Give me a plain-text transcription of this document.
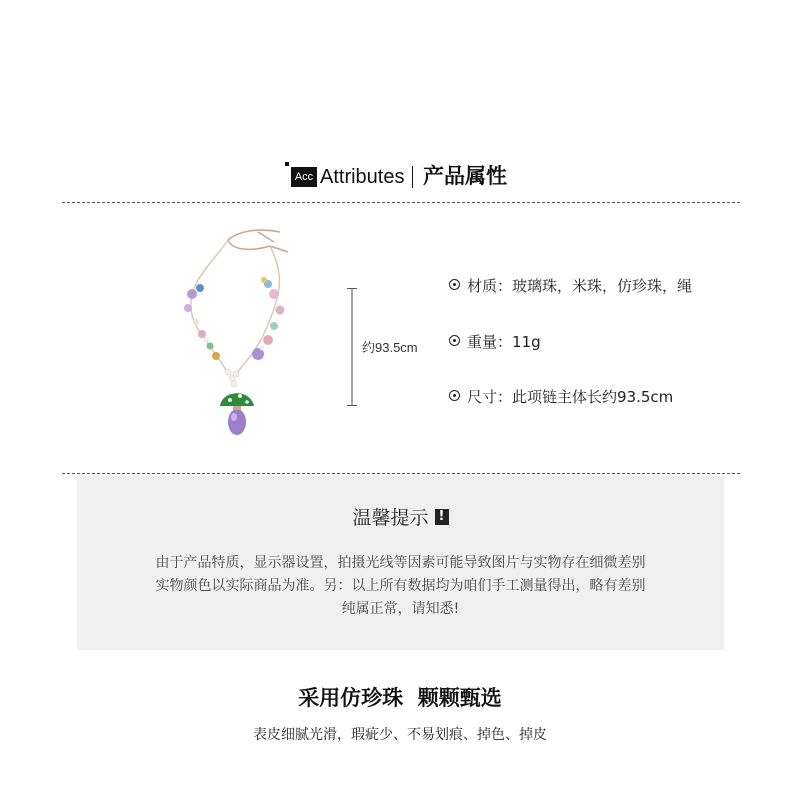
Acc Attributes 产品属性
约93.5cm
材质：玻璃珠，米珠，仿珍珠，绳
重量：11g
尺寸：此项链主体长约93.5cm
温馨提示 !
由于产品特质，显示器设置，拍摄光线等因素可能导致图片与实物存在细微差别
实物颜色以实际商品为准。另：以上所有数据均为咱们手工测量得出，略有差别
纯属正常，请知悉!
采用仿珍珠  颗颗甄选
表皮细腻光滑，瑕疵少、不易划痕、掉色、掉皮
